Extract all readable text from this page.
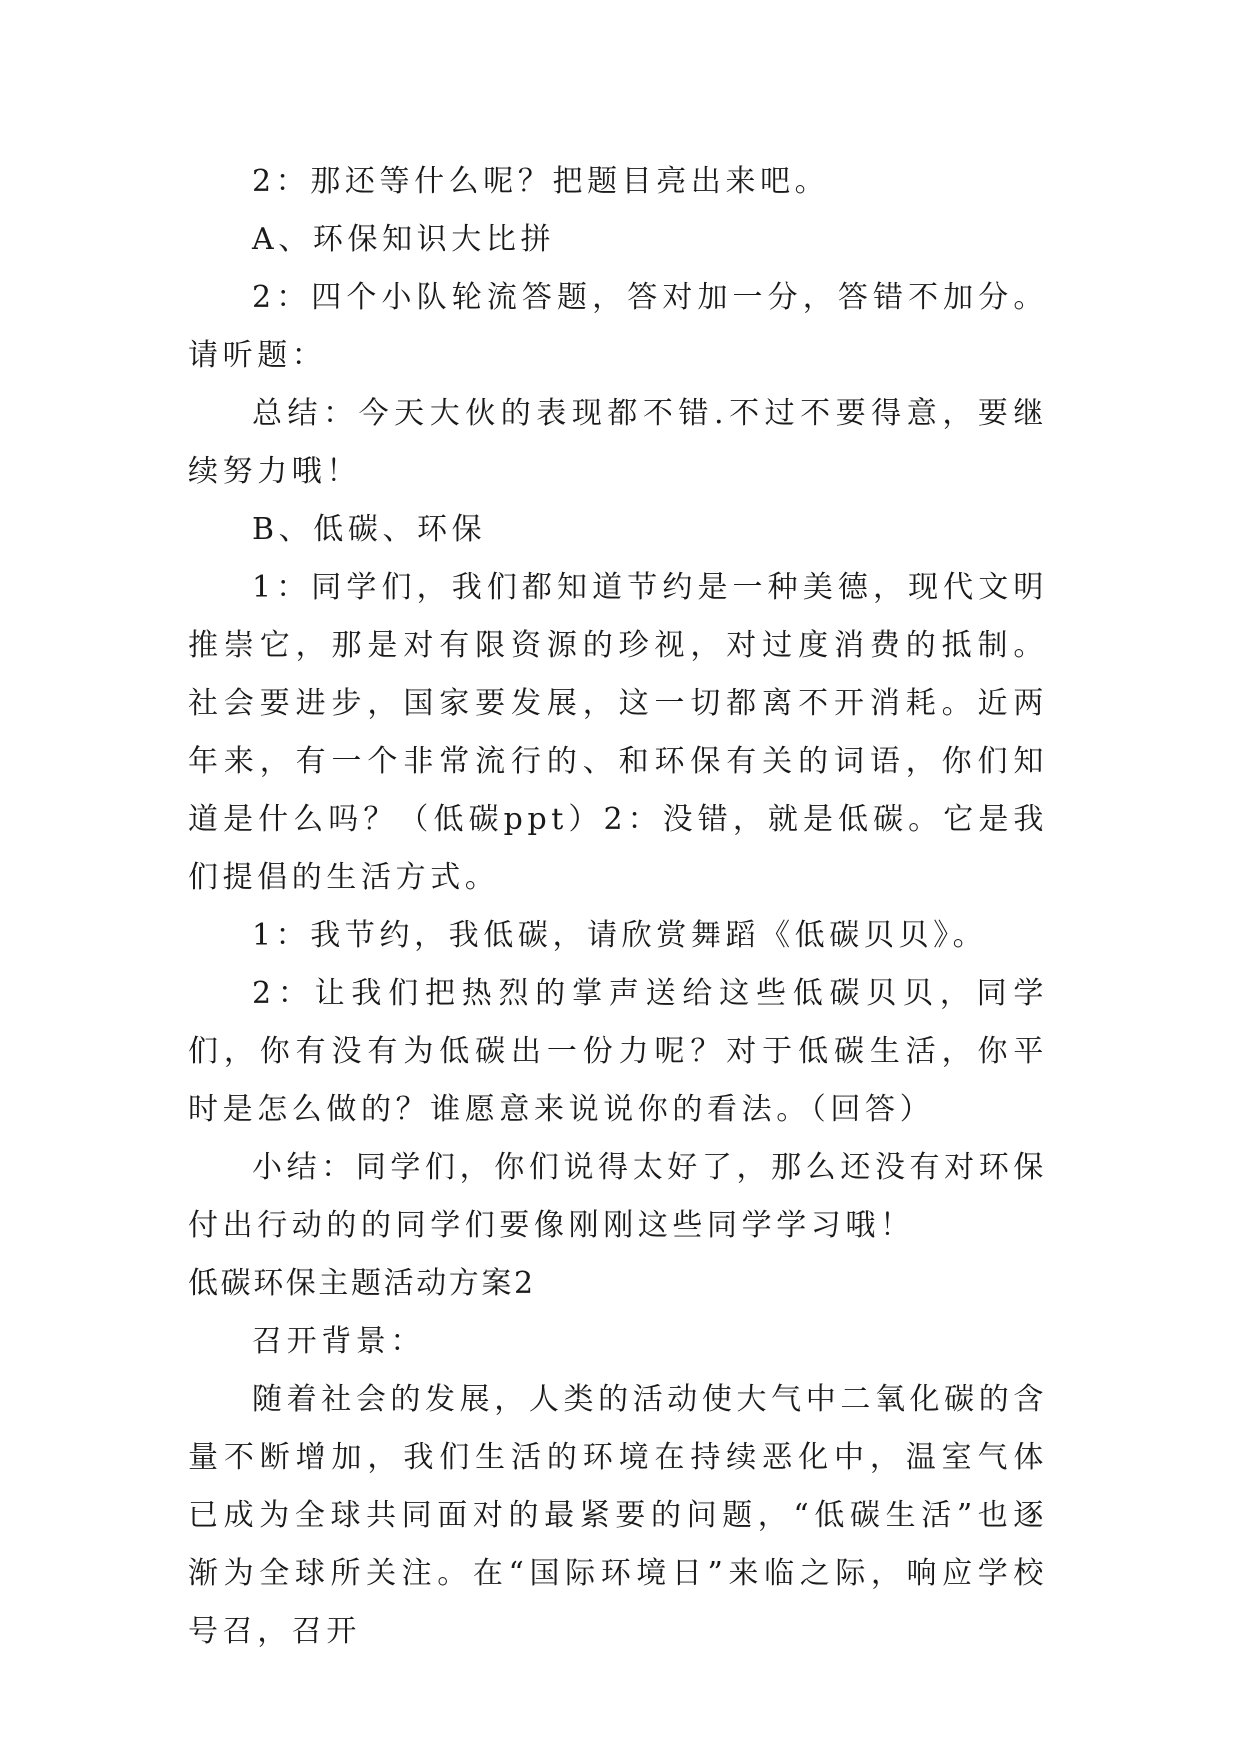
2：那还等什么呢？把题目亮出来吧。

A、环保知识大比拼

2：四个小队轮流答题，答对加一分，答错不加分。请听题：

总结：今天大伙的表现都不错.不过不要得意，要继续努力哦！

B、低碳、环保

1：同学们，我们都知道节约是一种美德，现代文明推崇它，那是对有限资源的珍视，对过度消费的抵制。社会要进步，国家要发展，这一切都离不开消耗。近两年来，有一个非常流行的、和环保有关的词语，你们知道是什么吗？（低碳ppt）2：没错，就是低碳。它是我们提倡的生活方式。

1：我节约，我低碳，请欣赏舞蹈《低碳贝贝》。

2：让我们把热烈的掌声送给这些低碳贝贝，同学们，你有没有为低碳出一份力呢？对于低碳生活，你平时是怎么做的？谁愿意来说说你的看法。（回答）

小结：同学们，你们说得太好了，那么还没有对环保付出行动的的同学们要像刚刚这些同学学习哦！

低碳环保主题活动方案2

召开背景：

随着社会的发展，人类的活动使大气中二氧化碳的含量不断增加，我们生活的环境在持续恶化中，温室气体已成为全球共同面对的最紧要的问题，“低碳生活”也逐渐为全球所关注。在“国际环境日”来临之际，响应学校号召，召开
